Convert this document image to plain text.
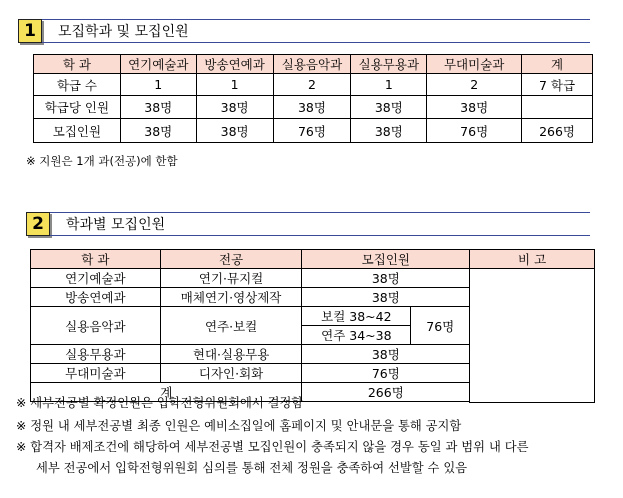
1	모집학과 및 모집인원
학 과	연기예술과	방송연예과	실용음악과	실용무용과	무대미술과	계
학급 수	1	1	2	1	2	7 학급
학급당 인원	38명	38명	38명	38명	38명	
모집인원	38명	38명	76명	38명	76명	266명
※ 지원은 1개 과(전공)에 한함
2	학과별 모집인원
학 과	전공	모집인원		비 고
연기예술과	연기·뮤지컬	38명		
방송연예과	매체연기·영상제작	38명		
실용음악과	연주·보컬	보컬 38~42	76명	
		연주 34~38		
실용무용과	현대·실용무용	38명		
무대미술과	디자인·회화	76명		
계		266명		

※ 세부전공별 확정인원은 입학전형위원회에서 결정함
※ 정원 내 세부전공별 최종 인원은 예비소집일에 홈페이지 및 안내문을 통해 공지함
※ 합격자 배제조건에 해당하여 세부전공별 모집인원이 충족되지 않을 경우 동일 과 범위 내 다른
세부 전공에서 입학전형위원회 심의를 통해 전체 정원을 충족하여 선발할 수 있음
